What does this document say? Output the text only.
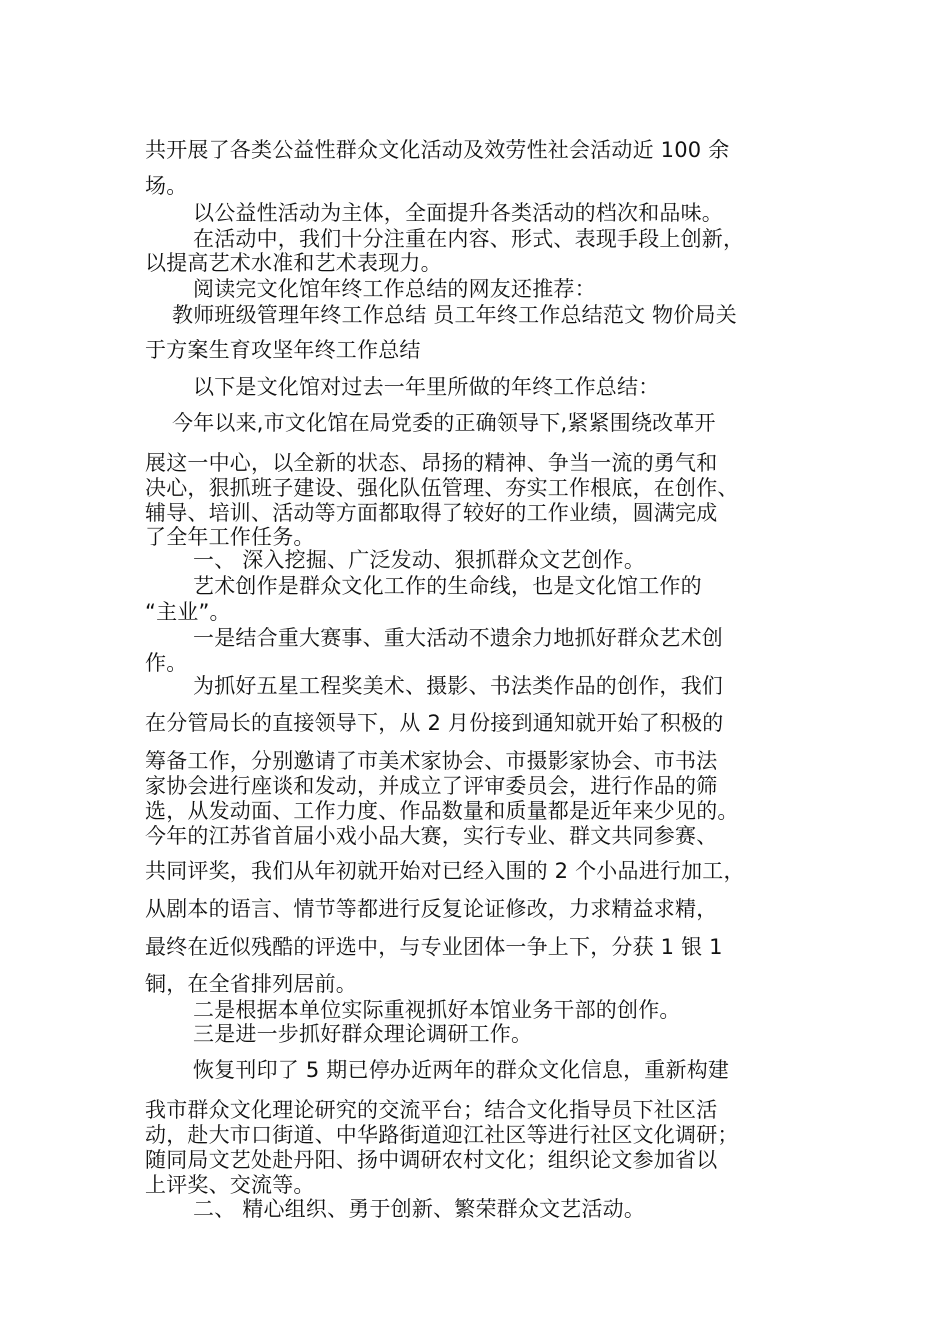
共开展了各类公益性群众文化活动及效劳性社会活动近 100 余
场。
以公益性活动为主体，全面提升各类活动的档次和品味。
在活动中，我们十分注重在内容、形式、表现手段上创新，
以提高艺术水准和艺术表现力。
阅读完文化馆年终工作总结的网友还推荐：
教师班级管理年终工作总结 员工年终工作总结范文 物价局关
于方案生育攻坚年终工作总结
以下是文化馆对过去一年里所做的年终工作总结：
今年以来,市文化馆在局党委的正确领导下,紧紧围绕改革开
展这一中心，以全新的状态、昂扬的精神、争当一流的勇气和
决心，狠抓班子建设、强化队伍管理、夯实工作根底，在创作、
辅导、培训、活动等方面都取得了较好的工作业绩，圆满完成
了全年工作任务。
一、 深入挖掘、广泛发动、狠抓群众文艺创作。
艺术创作是群众文化工作的生命线，也是文化馆工作的
“主业”。
一是结合重大赛事、重大活动不遗余力地抓好群众艺术创
作。
为抓好五星工程奖美术、摄影、书法类作品的创作，我们
在分管局长的直接领导下，从 2 月份接到通知就开始了积极的
筹备工作，分别邀请了市美术家协会、市摄影家协会、市书法
家协会进行座谈和发动，并成立了评审委员会，进行作品的筛
选，从发动面、工作力度、作品数量和质量都是近年来少见的。
今年的江苏省首届小戏小品大赛，实行专业、群文共同参赛、
共同评奖，我们从年初就开始对已经入围的 2 个小品进行加工，
从剧本的语言、情节等都进行反复论证修改，力求精益求精，
最终在近似残酷的评选中，与专业团体一争上下，分获 1 银 1
铜，在全省排列居前。
二是根据本单位实际重视抓好本馆业务干部的创作。
三是进一步抓好群众理论调研工作。
恢复刊印了 5 期已停办近两年的群众文化信息，重新构建
我市群众文化理论研究的交流平台；结合文化指导员下社区活
动，赴大市口街道、中华路街道迎江社区等进行社区文化调研；
随同局文艺处赴丹阳、扬中调研农村文化；组织论文参加省以
上评奖、交流等。
二、 精心组织、勇于创新、繁荣群众文艺活动。
